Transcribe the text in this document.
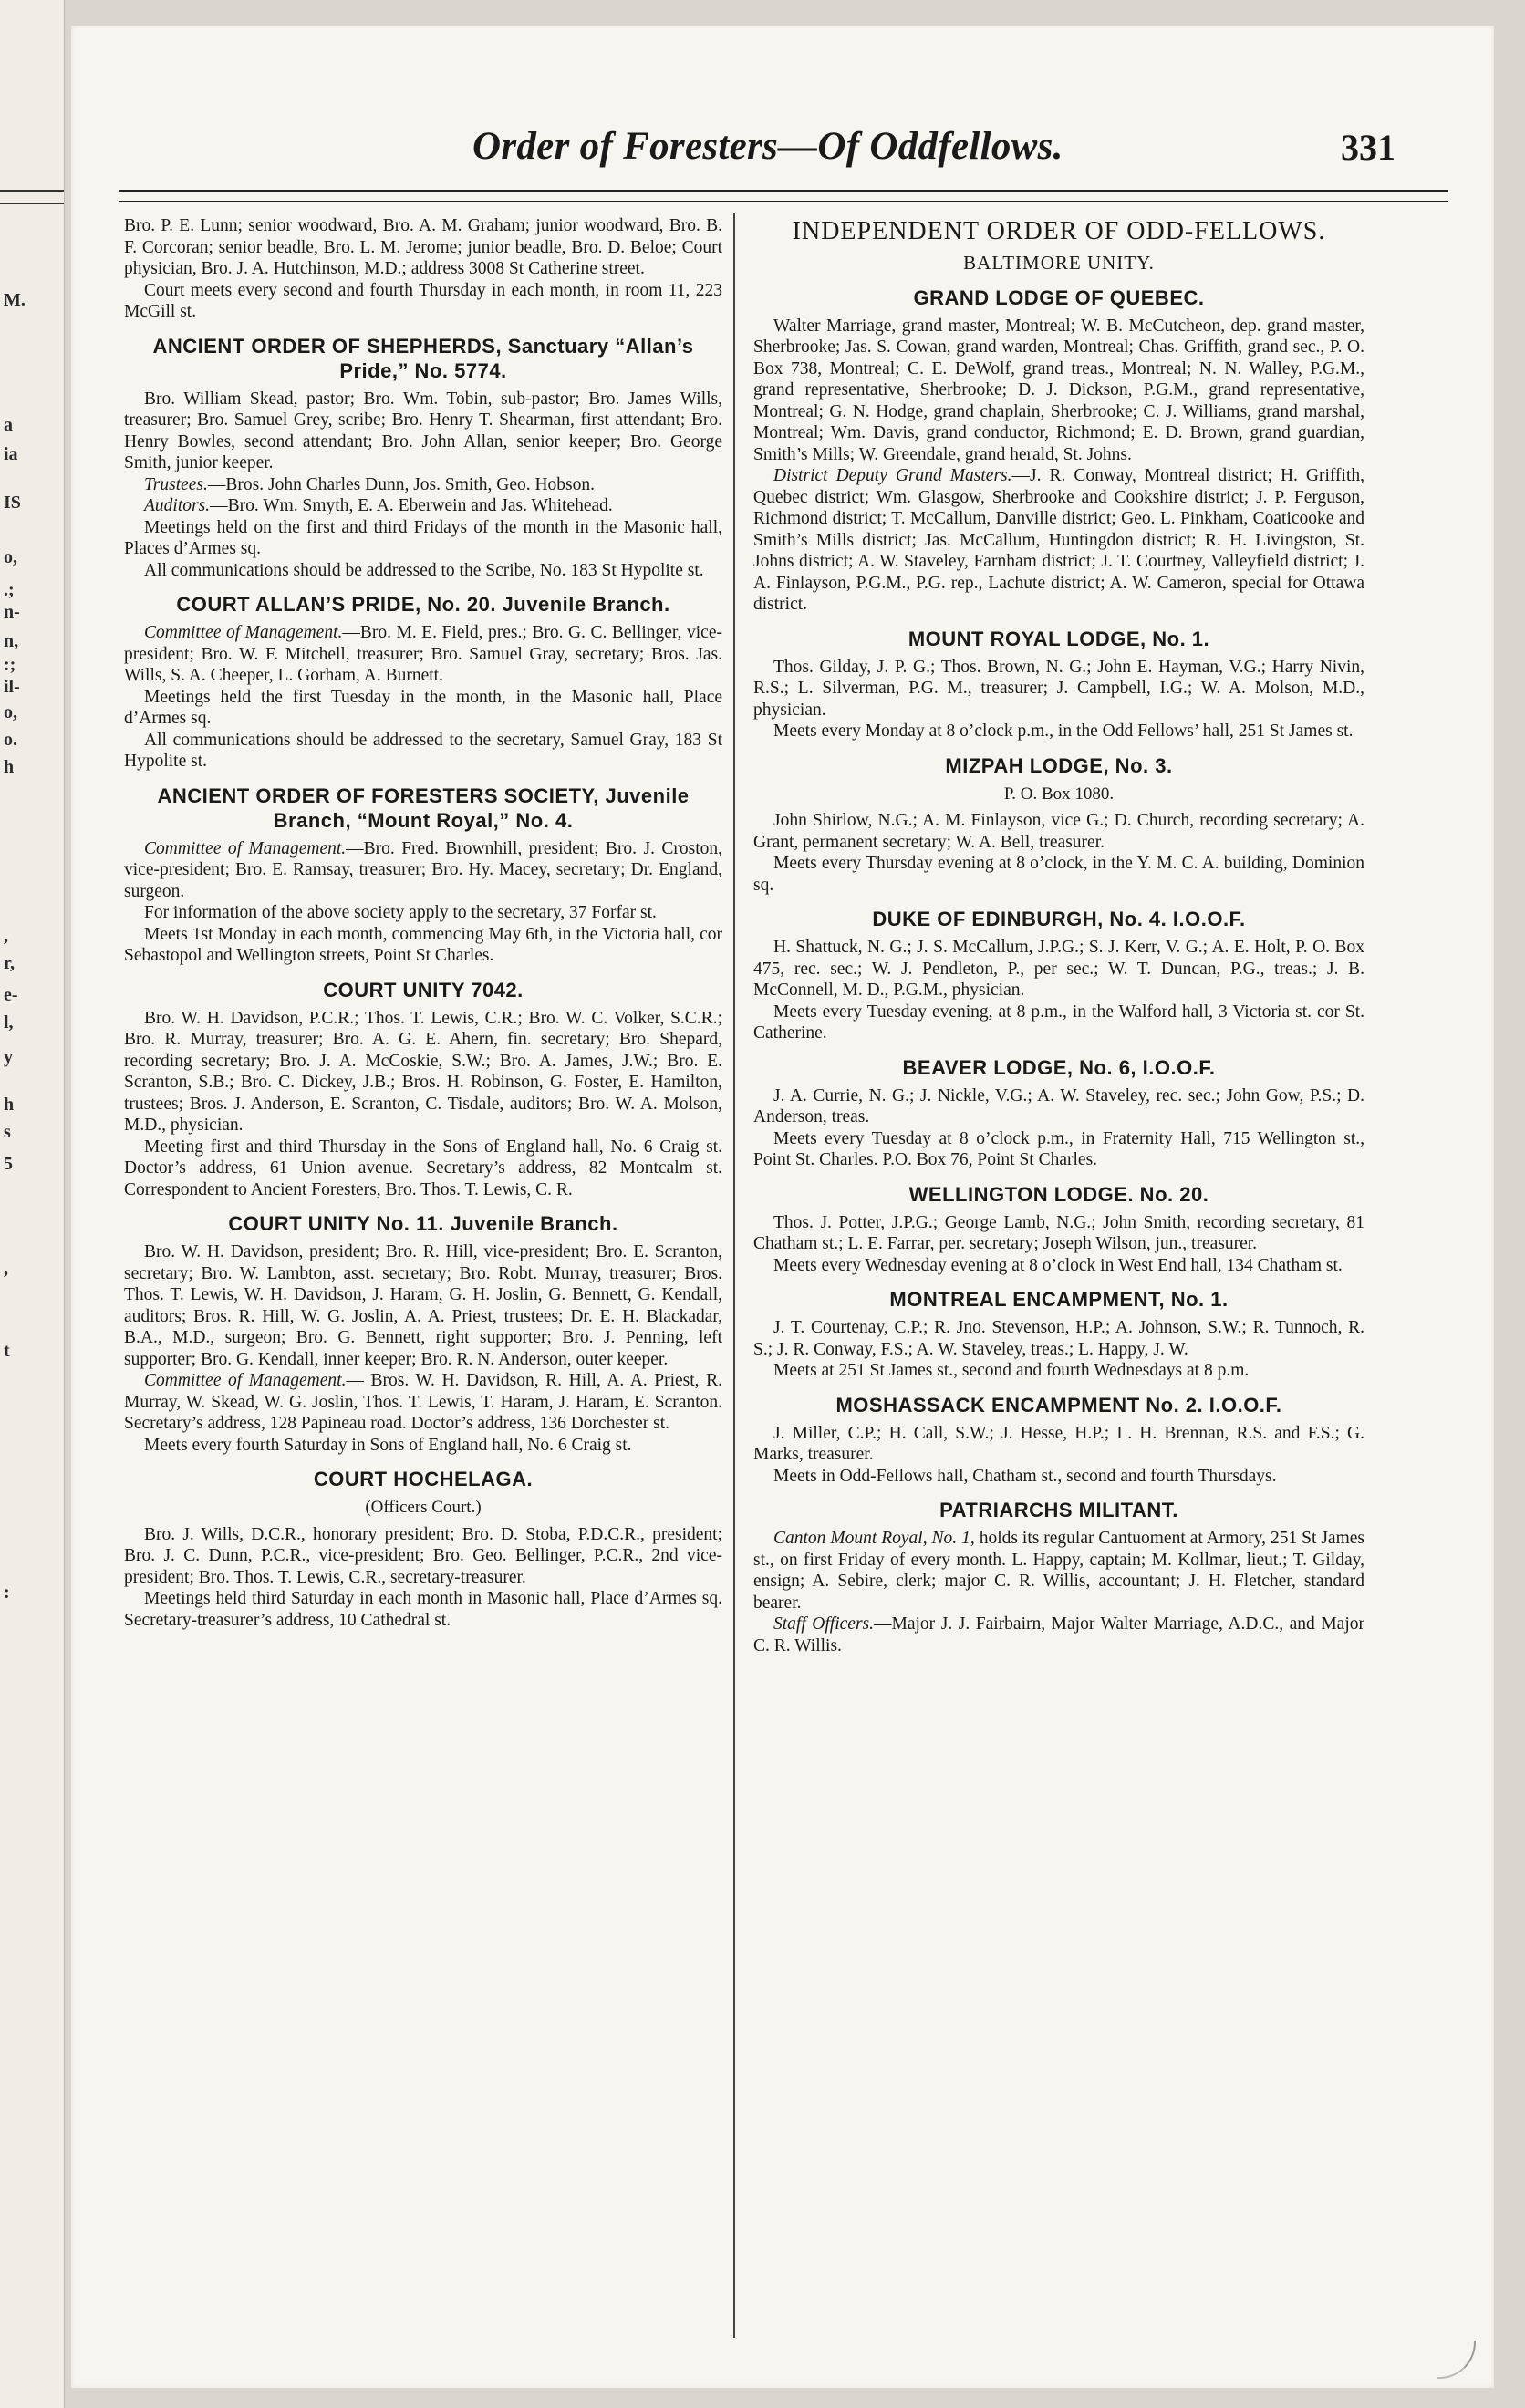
M.
a
ia
IS
o,
.;
n-
n,
:;
il-
o,
o.
h
,
r,
e-
l,
y
h
s
5
,
t
:
Order of Foresters—Of Oddfellows.	331

Bro. P. E. Lunn; senior woodward, Bro. A. M. Graham; junior woodward, Bro. B. F. Corcoran; senior beadle, Bro. L. M. Jerome; junior beadle, Bro. D. Beloe; Court physician, Bro. J. A. Hutchinson, M.D.; address 3008 St Catherine street.

Court meets every second and fourth Thursday in each month, in room 11, 223 McGill st.

ANCIENT ORDER OF SHEPHERDS, Sanctuary “Allan’s Pride,” No. 5774.

Bro. William Skead, pastor; Bro. Wm. Tobin, sub-pastor; Bro. James Wills, treasurer; Bro. Samuel Grey, scribe; Bro. Henry T. Shearman, first attendant; Bro. Henry Bowles, second attendant; Bro. John Allan, senior keeper; Bro. George Smith, junior keeper.

Trustees.—Bros. John Charles Dunn, Jos. Smith, Geo. Hobson.

Auditors.—Bro. Wm. Smyth, E. A. Eberwein and Jas. Whitehead.

Meetings held on the first and third Fridays of the month in the Masonic hall, Places d’Armes sq.

All communications should be addressed to the Scribe, No. 183 St Hypolite st.

COURT ALLAN’S PRIDE, No. 20. Juvenile Branch.

Committee of Management.—Bro. M. E. Field, pres.; Bro. G. C. Bellinger, vice-president; Bro. W. F. Mitchell, treasurer; Bro. Samuel Gray, secretary; Bros. Jas. Wills, S. A. Cheeper, L. Gorham, A. Burnett.

Meetings held the first Tuesday in the month, in the Masonic hall, Place d’Armes sq.

All communications should be addressed to the secretary, Samuel Gray, 183 St Hypolite st.

ANCIENT ORDER OF FORESTERS SOCIETY, Juvenile Branch, “Mount Royal,” No. 4.

Committee of Management.—Bro. Fred. Brownhill, president; Bro. J. Croston, vice-president; Bro. E. Ramsay, treasurer; Bro. Hy. Macey, secretary; Dr. England, surgeon.

For information of the above society apply to the secretary, 37 Forfar st.

Meets 1st Monday in each month, commencing May 6th, in the Victoria hall, cor Sebastopol and Wellington streets, Point St Charles.

COURT UNITY 7042.

Bro. W. H. Davidson, P.C.R.; Thos. T. Lewis, C.R.; Bro. W. C. Volker, S.C.R.; Bro. R. Murray, treasurer; Bro. A. G. E. Ahern, fin. secretary; Bro. Shepard, recording secretary; Bro. J. A. McCoskie, S.W.; Bro. A. James, J.W.; Bro. E. Scranton, S.B.; Bro. C. Dickey, J.B.; Bros. H. Robinson, G. Foster, E. Hamilton, trustees; Bros. J. Anderson, E. Scranton, C. Tisdale, auditors; Bro. W. A. Molson, M.D., physician.

Meeting first and third Thursday in the Sons of England hall, No. 6 Craig st. Doctor’s address, 61 Union avenue. Secretary’s address, 82 Montcalm st. Correspondent to Ancient Foresters, Bro. Thos. T. Lewis, C. R.

COURT UNITY No. 11. Juvenile Branch.

Bro. W. H. Davidson, president; Bro. R. Hill, vice-president; Bro. E. Scranton, secretary; Bro. W. Lambton, asst. secretary; Bro. Robt. Murray, treasurer; Bros. Thos. T. Lewis, W. H. Davidson, J. Haram, G. H. Joslin, G. Bennett, G. Kendall, auditors; Bros. R. Hill, W. G. Joslin, A. A. Priest, trustees; Dr. E. H. Blackadar, B.A., M.D., surgeon; Bro. G. Bennett, right supporter; Bro. J. Penning, left supporter; Bro. G. Kendall, inner keeper; Bro. R. N. Anderson, outer keeper.

Committee of Management.— Bros. W. H. Davidson, R. Hill, A. A. Priest, R. Murray, W. Skead, W. G. Joslin, Thos. T. Lewis, T. Haram, J. Haram, E. Scranton. Secretary’s address, 128 Papineau road. Doctor’s address, 136 Dorchester st.

Meets every fourth Saturday in Sons of England hall, No. 6 Craig st.

COURT HOCHELAGA.
(Officers Court.)

Bro. J. Wills, D.C.R., honorary president; Bro. D. Stoba, P.D.C.R., president; Bro. J. C. Dunn, P.C.R., vice-president; Bro. Geo. Bellinger, P.C.R., 2nd vice-president; Bro. Thos. T. Lewis, C.R., secretary-treasurer.

Meetings held third Saturday in each month in Masonic hall, Place d’Armes sq. Secretary-treasurer’s address, 10 Cathedral st.

INDEPENDENT ORDER OF ODD-FELLOWS.
BALTIMORE UNITY.
GRAND LODGE OF QUEBEC.

Walter Marriage, grand master, Montreal; W. B. McCutcheon, dep. grand master, Sherbrooke; Jas. S. Cowan, grand warden, Montreal; Chas. Griffith, grand sec., P. O. Box 738, Montreal; C. E. DeWolf, grand treas., Montreal; N. N. Walley, P.G.M., grand representative, Sherbrooke; D. J. Dickson, P.G.M., grand representative, Montreal; G. N. Hodge, grand chaplain, Sherbrooke; C. J. Williams, grand marshal, Montreal; Wm. Davis, grand conductor, Richmond; E. D. Brown, grand guardian, Smith’s Mills; W. Greendale, grand herald, St. Johns.

District Deputy Grand Masters.—J. R. Conway, Montreal district; H. Griffith, Quebec district; Wm. Glasgow, Sherbrooke and Cookshire district; J. P. Ferguson, Richmond district; T. McCallum, Danville district; Geo. L. Pinkham, Coaticooke and Smith’s Mills district; Jas. McCallum, Huntingdon district; R. H. Livingston, St. Johns district; A. W. Staveley, Farnham district; J. T. Courtney, Valleyfield district; J. A. Finlayson, P.G.M., P.G. rep., Lachute district; A. W. Cameron, special for Ottawa district.

MOUNT ROYAL LODGE, No. 1.

Thos. Gilday, J. P. G.; Thos. Brown, N. G.; John E. Hayman, V.G.; Harry Nivin, R.S.; L. Silverman, P.G. M., treasurer; J. Campbell, I.G.; W. A. Molson, M.D., physician.

Meets every Monday at 8 o’clock p.m., in the Odd Fellows’ hall, 251 St James st.

MIZPAH LODGE, No. 3.
P. O. Box 1080.

John Shirlow, N.G.; A. M. Finlayson, vice G.; D. Church, recording secretary; A. Grant, permanent secretary; W. A. Bell, treasurer.

Meets every Thursday evening at 8 o’clock, in the Y. M. C. A. building, Dominion sq.

DUKE OF EDINBURGH, No. 4. I.O.O.F.

H. Shattuck, N. G.; J. S. McCallum, J.P.G.; S. J. Kerr, V. G.; A. E. Holt, P. O. Box 475, rec. sec.; W. J. Pendleton, P., per sec.; W. T. Duncan, P.G., treas.; J. B. McConnell, M. D., P.G.M., physician.

Meets every Tuesday evening, at 8 p.m., in the Walford hall, 3 Victoria st. cor St. Catherine.

BEAVER LODGE, No. 6, I.O.O.F.

J. A. Currie, N. G.; J. Nickle, V.G.; A. W. Staveley, rec. sec.; John Gow, P.S.; D. Anderson, treas.

Meets every Tuesday at 8 o’clock p.m., in Fraternity Hall, 715 Wellington st., Point St. Charles. P.O. Box 76, Point St Charles.

WELLINGTON LODGE. No. 20.

Thos. J. Potter, J.P.G.; George Lamb, N.G.; John Smith, recording secretary, 81 Chatham st.; L. E. Farrar, per. secretary; Joseph Wilson, jun., treasurer.

Meets every Wednesday evening at 8 o’clock in West End hall, 134 Chatham st.

MONTREAL ENCAMPMENT, No. 1.

J. T. Courtenay, C.P.; R. Jno. Stevenson, H.P.; A. Johnson, S.W.; R. Tunnoch, R. S.; J. R. Conway, F.S.; A. W. Staveley, treas.; L. Happy, J. W.

Meets at 251 St James st., second and fourth Wednesdays at 8 p.m.

MOSHASSACK ENCAMPMENT No. 2. I.O.O.F.

J. Miller, C.P.; H. Call, S.W.; J. Hesse, H.P.; L. H. Brennan, R.S. and F.S.; G. Marks, treasurer.

Meets in Odd-Fellows hall, Chatham st., second and fourth Thursdays.

PATRIARCHS MILITANT.

Canton Mount Royal, No. 1, holds its regular Cantuoment at Armory, 251 St James st., on first Friday of every month. L. Happy, captain; M. Kollmar, lieut.; T. Gilday, ensign; A. Sebire, clerk; major C. R. Willis, accountant; J. H. Fletcher, standard bearer.

Staff Officers.—Major J. J. Fairbairn, Major Walter Marriage, A.D.C., and Major C. R. Willis.
